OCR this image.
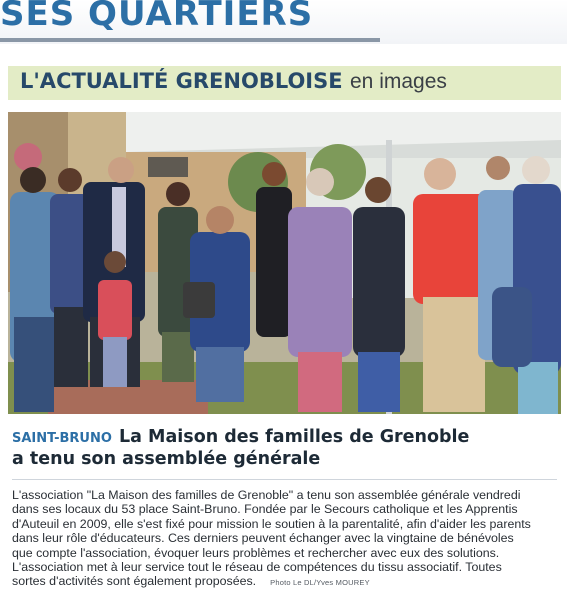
SES QUARTIERS
L'ACTUALITÉ GRENOBLOISE en images
La Maison des familles de Grenoble
a tenu son assemblée générale
SAINT-BRUNO
L'association "La Maison des familles de Grenoble" a tenu son assemblée générale vendredi
dans ses locaux du 53 place Saint-Bruno. Fondée par le Secours catholique et les Apprentis
d'Auteuil en 2009, elle s'est fixé pour mission le soutien à la parentalité, afin d'aider les parents
dans leur rôle d'éducateurs. Ces derniers peuvent échanger avec la vingtaine de bénévoles
que compte l'association, évoquer leurs problèmes et rechercher avec eux des solutions.
L'association met à leur service tout le réseau de compétences du tissu associatif. Toutes
sortes d'activités sont également proposées. Photo Le DL/Yves MOUREY
